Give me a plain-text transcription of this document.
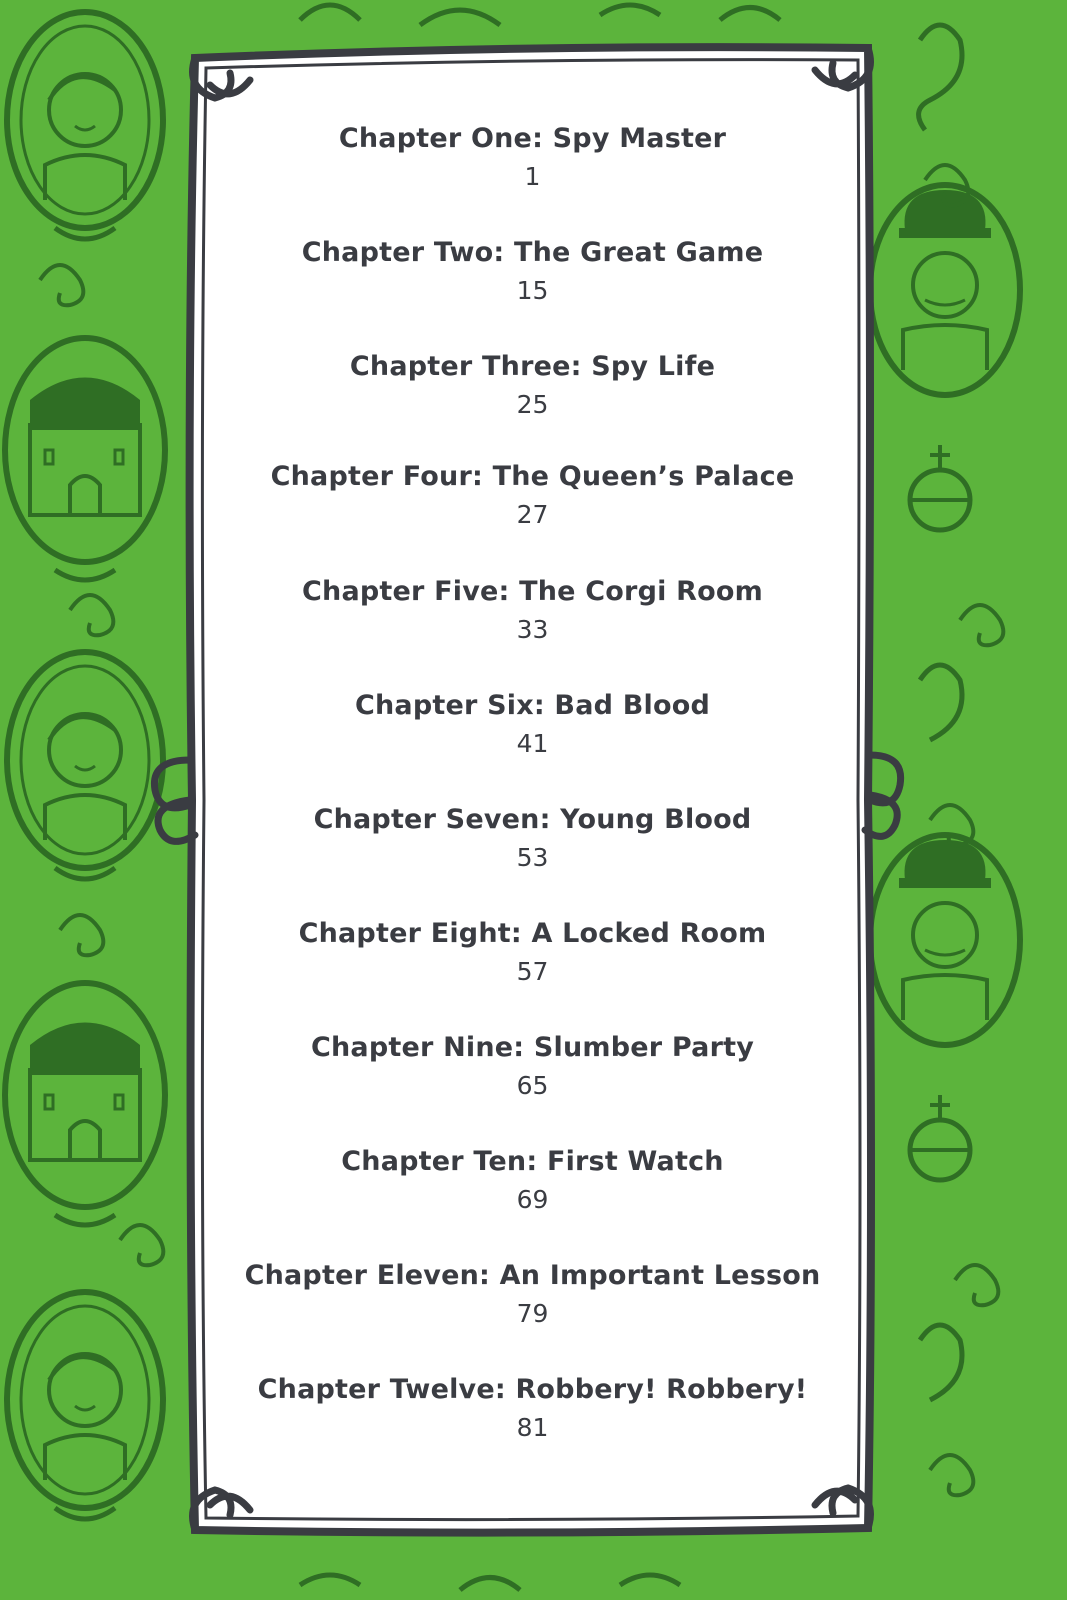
Chapter One: Spy Master
1
Chapter Two: The Great Game
15
Chapter Three: Spy Life
25
Chapter Four: The Queen’s Palace
27
Chapter Five: The Corgi Room
33
Chapter Six: Bad Blood
41
Chapter Seven: Young Blood
53
Chapter Eight: A Locked Room
57
Chapter Nine: Slumber Party
65
Chapter Ten: First Watch
69
Chapter Eleven: An Important Lesson
79
Chapter Twelve: Robbery! Robbery!
81
